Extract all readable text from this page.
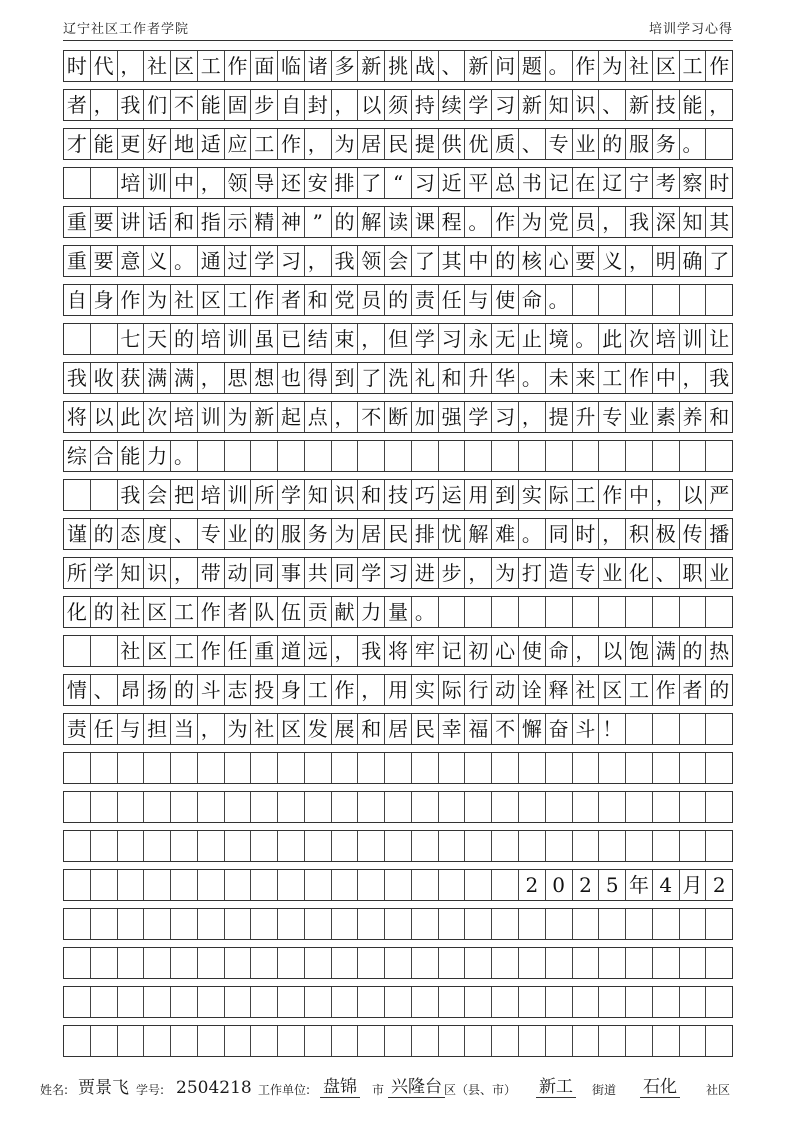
辽宁社区工作者学院	培训学习心得
时 代 ， 社 区 工 作 面 临 诸 多 新 挑 战 、 新 问 题 。 作 为 社 区 工 作
者 ， 我 们 不 能 固 步 自 封 ， 以 须 持 续 学 习 新 知 识 、 新 技 能 ，
才 能 更 好 地 适 应 工 作 ， 为 居 民 提 供 优 质 、 专 业 的 服 务 。
培 训 中 ， 领 导 还 安 排 了 “ 习 近 平 总 书 记 在 辽 宁 考 察 时
重 要 讲 话 和 指 示 精 神 ” 的 解 读 课 程 。 作 为 党 员 ， 我 深 知 其
重 要 意 义 。 通 过 学 习 ， 我 领 会 了 其 中 的 核 心 要 义 ， 明 确 了
自 身 作 为 社 区 工 作 者 和 党 员 的 责 任 与 使 命 。
七 天 的 培 训 虽 已 结 束 ， 但 学 习 永 无 止 境 。 此 次 培 训 让
我 收 获 满 满 ， 思 想 也 得 到 了 洗 礼 和 升 华 。 未 来 工 作 中 ， 我
将 以 此 次 培 训 为 新 起 点 ， 不 断 加 强 学 习 ， 提 升 专 业 素 养 和
综 合 能 力 。
我 会 把 培 训 所 学 知 识 和 技 巧 运 用 到 实 际 工 作 中 ， 以 严
谨 的 态 度 、 专 业 的 服 务 为 居 民 排 忧 解 难 。 同 时 ， 积 极 传 播
所 学 知 识 ， 带 动 同 事 共 同 学 习 进 步 ， 为 打 造 专 业 化 、 职 业
化 的 社 区 工 作 者 队 伍 贡 献 力 量 。
社 区 工 作 任 重 道 远 ， 我 将 牢 记 初 心 使 命 ， 以 饱 满 的 热
情 、 昂 扬 的 斗 志 投 身 工 作 ， 用 实 际 行 动 诠 释 社 区 工 作 者 的
责 任 与 担 当 ， 为 社 区 发 展 和 居 民 幸 福 不 懈 奋 斗 ！
2 0 2 5 年 4 月 2
姓名: 贾景飞 学号: 2504218 工作单位: 盘锦 市 兴隆台 区（县、市） 新工 街道 石化 社区
